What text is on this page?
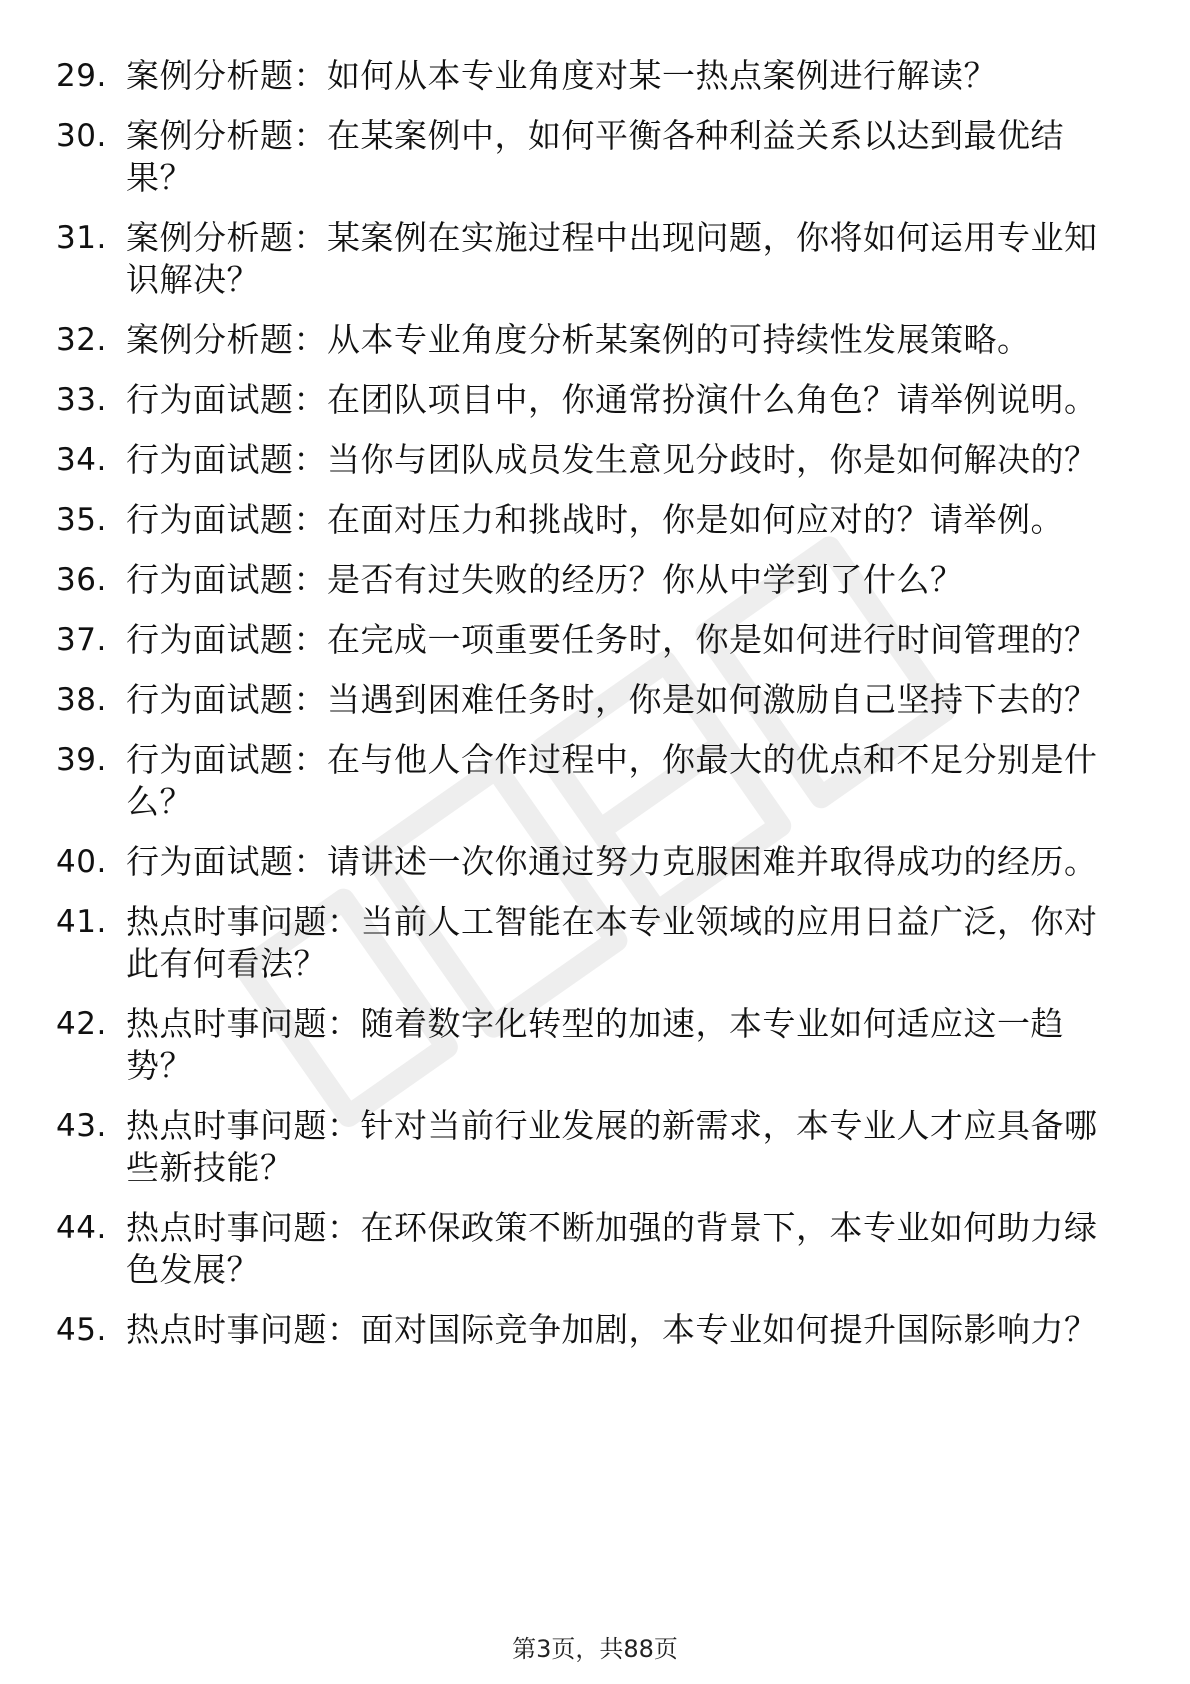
29. 案例分析题：如何从本专业角度对某一热点案例进行解读？
30. 案例分析题：在某案例中，如何平衡各种利益关系以达到最优结果？
31. 案例分析题：某案例在实施过程中出现问题，你将如何运用专业知识解决？
32. 案例分析题：从本专业角度分析某案例的可持续性发展策略。
33. 行为面试题：在团队项目中，你通常扮演什么角色？请举例说明。
34. 行为面试题：当你与团队成员发生意见分歧时，你是如何解决的？
35. 行为面试题：在面对压力和挑战时，你是如何应对的？请举例。
36. 行为面试题：是否有过失败的经历？你从中学到了什么？
37. 行为面试题：在完成一项重要任务时，你是如何进行时间管理的？
38. 行为面试题：当遇到困难任务时，你是如何激励自己坚持下去的？
39. 行为面试题：在与他人合作过程中，你最大的优点和不足分别是什么？
40. 行为面试题：请讲述一次你通过努力克服困难并取得成功的经历。
41. 热点时事问题：当前人工智能在本专业领域的应用日益广泛，你对此有何看法？
42. 热点时事问题：随着数字化转型的加速，本专业如何适应这一趋势？
43. 热点时事问题：针对当前行业发展的新需求，本专业人才应具备哪些新技能？
44. 热点时事问题：在环保政策不断加强的背景下，本专业如何助力绿色发展？
45. 热点时事问题：面对国际竞争加剧，本专业如何提升国际影响力？
第3页，共88页
